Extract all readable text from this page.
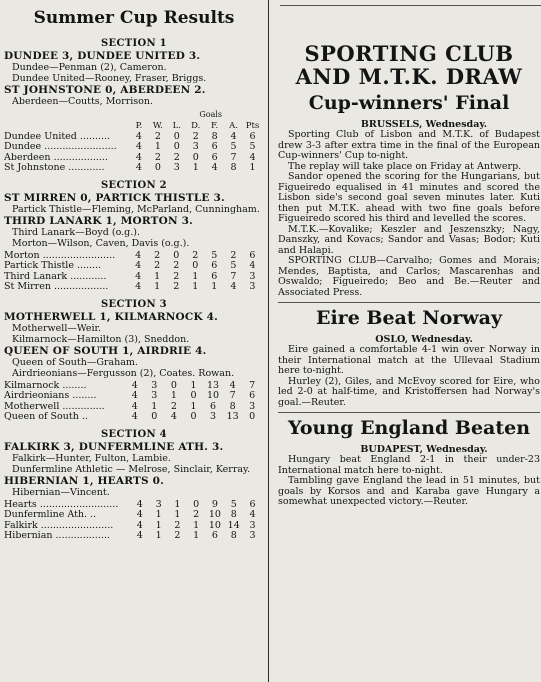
Summer Cup Results
SECTION 1
DUNDEE 3, DUNDEE UNITED 3.
Dundee—Penman (2), Cameron.
Dundee United—Rooney, Fraser, Briggs.
ST JOHNSTONE 0, ABERDEEN 2.
Aberdeen—Coutts, Morrison.
Goals
	P.	W.	L.	D.	F.	A.	Pts
Dundee United ..........	4	2	0	2	8	4	6
Dundee ........................	4	1	0	3	6	5	5
Aberdeen ..................	4	2	2	0	6	7	4
St Johnstone ............	4	0	3	1	4	8	1
SECTION 2
ST MIRREN 0, PARTICK THISTLE 3.
Partick Thistle—Fleming, McParland, Cunningham.
THIRD LANARK 1, MORTON 3.
Third Lanark—Boyd (o.g.).
Morton—Wilson, Caven, Davis (o.g.).
Morton ........................	4	2	0	2	5	2	6
Partick Thistle ........	4	2	2	0	6	5	4
Third Lanark ............	4	1	2	1	6	7	3
St Mirren ..................	4	1	2	1	1	4	3
SECTION 3
MOTHERWELL 1, KILMARNOCK 4.
Motherwell—Weir.
Kilmarnock—Hamilton (3), Sneddon.
QUEEN OF SOUTH 1, AIRDRIE 4.
Queen of South—Graham.
Airdrieonians—Fergusson (2), Coates. Rowan.
Kilmarnock ........	4	3	0	1	13	4	7
Airdrieonians ........	4	3	1	0	10	7	6
Motherwell ..............	4	1	2	1	6	8	3
Queen of South ..	4	0	4	0	3	13	0
SECTION 4
FALKIRK 3, DUNFERMLINE ATH. 3.
Falkirk—Hunter, Fulton, Lambie.
Dunfermline Athletic — Melrose, Sinclair, Kerray.
HIBERNIAN 1, HEARTS 0.
Hibernian—Vincent.
Hearts ..........................	4	3	1	0	9	5	6
Dunfermline Ath. ..	4	1	1	2	10	8	4
Falkirk ........................	4	1	2	1	10	14	3
Hibernian ..................	4	1	2	1	6	8	3
SPORTING CLUB
AND M.T.K. DRAW
Cup-winners' Final
BRUSSELS, Wednesday.

Sporting Club of Lisbon and M.T.K. of Budapest drew 3-3 after extra time in the final of the European Cup-winners' Cup to-night.

The replay will take place on Friday at Antwerp.

Sandor opened the scoring for the Hungarians, but Figueiredo equalised in 41 minutes and scored the Lisbon side's second goal seven minutes later. Kuti then put M.T.K. ahead with two fine goals before Figueiredo scored his third and levelled the scores.

M.T.K.—Kovalike; Keszler and Jeszenszky; Nagy, Danszky, and Kovacs; Sandor and Vasas; Bodor; Kuti and Halapi.

SPORTING CLUB—Carvalho; Gomes and Morais; Mendes, Baptista, and Carlos; Mascarenhas and Oswaldo; Figueiredo; Beo and Be.—Reuter and Associated Press.

Eire Beat Norway
OSLO, Wednesday.

Eire gained a comfortable 4-1 win over Norway in their International match at the Ullevaal Stadium here to-night.

Hurley (2), Giles, and McEvoy scored for Eire, who led 2-0 at half-time, and Kristoffersen had Norway's goal.—Reuter.

Young England Beaten
BUDAPEST, Wednesday.

Hungary beat England 2-1 in their under-23 International match here to-night.

Tambling gave England the lead in 51 minutes, but goals by Korsos and and Karaba gave Hungary a somewhat unexpected victory.—Reuter.
